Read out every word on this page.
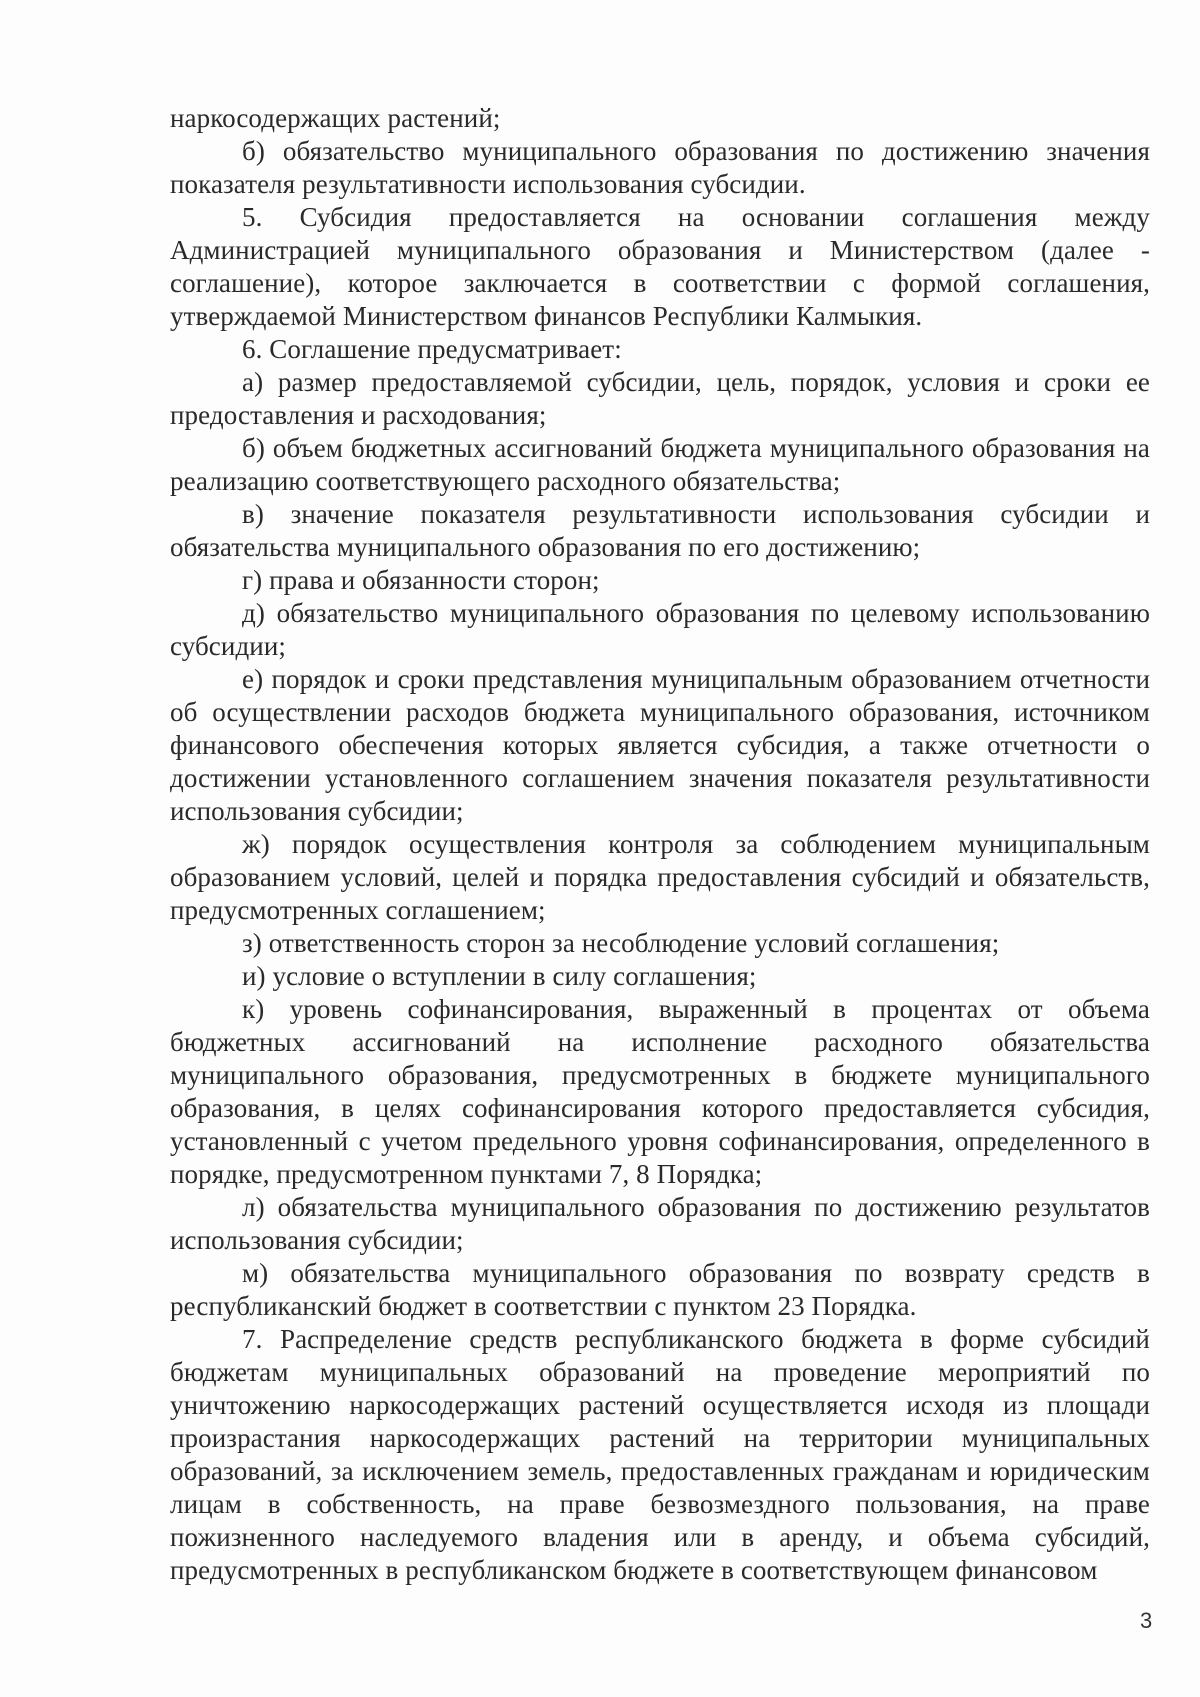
наркосодержащих растений;

б) обязательство муниципального образования по достижению значения показателя результативности использования субсидии.

5. Субсидия предоставляется на основании соглашения между Администрацией муниципального образования и Министерством (далее - соглашение), которое заключается в соответствии с формой соглашения, утверждаемой Министерством финансов Республики Калмыкия.

6. Соглашение предусматривает:

а) размер предоставляемой субсидии, цель, порядок, условия и сроки ее предоставления и расходования;

б) объем бюджетных ассигнований бюджета муниципального образования на реализацию соответствующего расходного обязательства;

в) значение показателя результативности использования субсидии и обязательства муниципального образования по его достижению;

г) права и обязанности сторон;

д) обязательство муниципального образования по целевому использованию субсидии;

е) порядок и сроки представления муниципальным образованием отчетности об осуществлении расходов бюджета муниципального образования, источником финансового обеспечения которых является субсидия, а также отчетности о достижении установленного соглашением значения показателя результативности использования субсидии;

ж) порядок осуществления контроля за соблюдением муниципальным образованием условий, целей и порядка предоставления субсидий и обязательств, предусмотренных соглашением;

з) ответственность сторон за несоблюдение условий соглашения;

и) условие о вступлении в силу соглашения;

к) уровень софинансирования, выраженный в процентах от объема бюджетных ассигнований на исполнение расходного обязательства муниципального образования, предусмотренных в бюджете муниципального образования, в целях софинансирования которого предоставляется субсидия, установленный с учетом предельного уровня софинансирования, определенного в порядке, предусмотренном пунктами 7, 8 Порядка;

л) обязательства муниципального образования по достижению результатов использования субсидии;

м) обязательства муниципального образования по возврату средств в республиканский бюджет в соответствии с пунктом 23 Порядка.

7. Распределение средств республиканского бюджета в форме субсидий бюджетам муниципальных образований на проведение мероприятий по уничтожению наркосодержащих растений осуществляется исходя из площади произрастания наркосодержащих растений на территории муниципальных образований, за исключением земель, предоставленных гражданам и юридическим лицам в собственность, на праве безвозмездного пользования, на праве пожизненного наследуемого владения или в аренду, и объема субсидий, предусмотренных в республиканском бюджете в соответствующем финансовом

3
